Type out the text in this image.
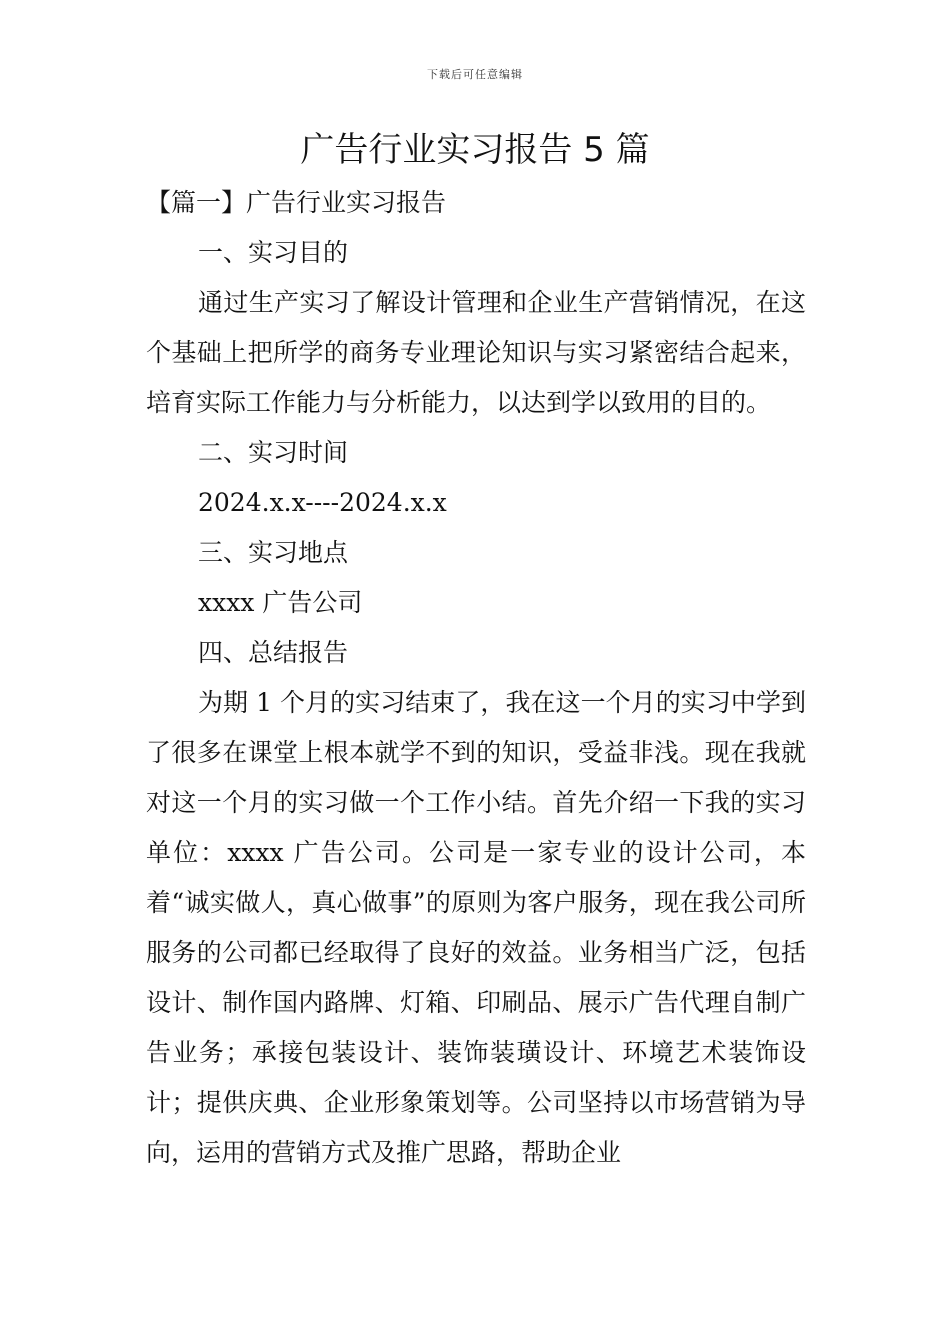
下载后可任意编辑
广告行业实习报告 5 篇

【篇一】广告行业实习报告

一、实习目的

通过生产实习了解设计管理和企业生产营销情况，在这个基础上把所学的商务专业理论知识与实习紧密结合起来，培育实际工作能力与分析能力，以达到学以致用的目的。

二、实习时间

2024.x.x----2024.x.x

三、实习地点

xxxx 广告公司

四、总结报告

为期 1 个月的实习结束了，我在这一个月的实习中学到了很多在课堂上根本就学不到的知识，受益非浅。现在我就对这一个月的实习做一个工作小结。首先介绍一下我的实习单位：xxxx 广告公司。公司是一家专业的设计公司，本着“诚实做人，真心做事”的原则为客户服务，现在我公司所服务的公司都已经取得了良好的效益。业务相当广泛，包括设计、制作国内路牌、灯箱、印刷品、展示广告代理自制广告业务；承接包装设计、装饰装璜设计、环境艺术装饰设计；提供庆典、企业形象策划等。公司坚持以市场营销为导向，运用的营销方式及推广思路，帮助企业
